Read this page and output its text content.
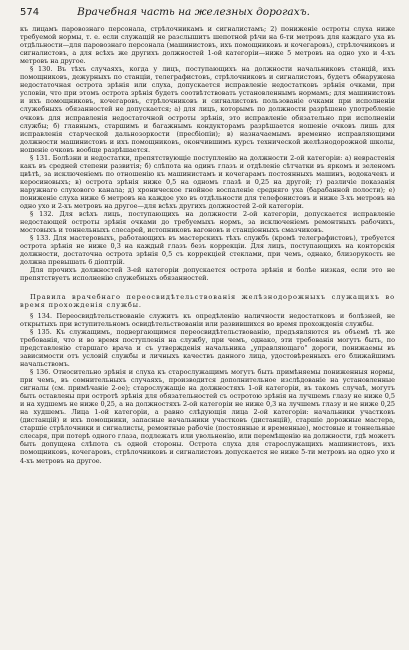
574	Врачебная часть на железных дорогахъ.

къ лицамъ паровознаго персонала, стрѣлочникамъ и сигналистамъ; 2) пониженіе остроты слуха ниже требуемой нормы, т. е. если служащій не разслышитъ шепотной рѣчи на 6-ти метровъ для каждаго уха въ отдѣльности—для паровознаго персонала (машинистовъ, ихъ помощниковъ и кочегаровъ), стрѣлочниковъ и сигналистовъ, а для всѣхъ же другихъ должностей 1-ой категоріи—ниже 5 метровъ на одно ухо и 4-хъ метровъ на другое.

§ 130. Въ тѣхъ случаяхъ, когда у лицъ, поступающихъ на должности начальниковъ станцій, ихъ помощниковъ, дежурныхъ по станціи, телеграфистовъ, стрѣлочниковъ и сигналистовъ, будетъ обнаружена недостаточная острота зрѣнія или слуха, допускается исправленіе недостатковъ зрѣнія очками, при условіи, что при этомъ острота зрѣнія будетъ соотвѣтствовать установленнымъ нормамъ; для машинистовъ и ихъ помощниковъ, кочегаровъ, стрѣлочниковъ и сигналистовъ пользованіе очками при исполненіи служебныхъ обязанностей не допускается; а) для лицъ, которымъ по должности разрѣшено употребленіе очковъ для исправленія недостаточной остроты зрѣнія, это исправленіе обязательно при исполненіи службы; б) главнымъ, старшимъ и багажнымъ кондукторамъ разрѣшается ношеніе очковъ лишь для исправленія старческой дальнозоркости (пресбіопіи); в) назначаемымъ временно исправляющими должности машинистовъ и ихъ помощниковъ, окончившимъ курсъ технической желѣзнодорожной школы, ношеніе очковъ вообще разрѣшается.

§ 131. Болѣзни и недостатки, препятствующіе поступленію на должности 2-ой категоріи: а) неврастенія какъ въ средней степени развитія; б) слѣпота на одинъ глазъ и отдѣленіе сѣтчатки въ яркомъ и зеленомъ цвѣтѣ, за исключеніемъ по отношенію къ машинистамъ и кочегарамъ постоянныхъ машинъ, водокачекъ и керосиновыхъ; в) острота зрѣнія ниже 0,5 на одномъ глазѣ и 0,25 на другой; г) различіе показанія наружнаго слухового канала; д) хроническое гнойное воспаленіе средняго уха (барабанной полости); е) пониженіе слуха ниже 6 метровъ на каждое ухо въ отдѣльности для телефонистовъ и ниже 3-хъ метровъ на одно ухо и 2-хъ метровъ на другое—для всѣхъ другихъ должностей 2-ой категоріи.

§ 132. Для всѣхъ лицъ, поступающихъ на должности 2-ой категоріи, допускается исправленіе недостающей остроты зрѣнія очками до требуемыхъ нормъ, за исключеніемъ ремонтныхъ рабочихъ, мостовыхъ и тоннельныхъ слесарей, истопниковъ вагоновъ и станціонныхъ смазчиковъ.

§ 133. Для мастеровыхъ, работающихъ въ мастерскихъ тѣхъ службъ (кромѣ телеграфистовъ), требуется острота зрѣнія не ниже 0,3 на каждый глазъ безъ коррекціи. Для лицъ, поступающихъ на конторскія должности, достаточна острота зрѣнія 0,5 съ коррекціей стеклами, при чемъ, однако, близорукость не должна превышать 6 діоптрій.

Для прочихъ должностей 3-ей категоріи допускается острота зрѣнія и болѣе низкая, если это не препятствуетъ исполненію служебныхъ обязанностей.

Правила врачебнаго переосвидѣтельствованія желѣзнодорожныхъ служащихъ во время прохожденія службы.

§ 134. Переосвидѣтельствованіе служитъ къ опредѣленію наличности недостатковъ и болѣзней, не открытыхъ при вступительномъ освидѣтельствованіи или развившихся во время прохожденія службы.

§ 135. Къ служащимъ, подвергающимся переосвидѣтельствованію, предъявляются въ объемѣ тѣ же требованія, что и во время поступленія на службу, при чемъ, однако, эти требованія могутъ быть, по представленію старшаго врача и съ утвержденія начальника „управляющаго" дороги, понижаемы въ зависимости отъ условій службы и личныхъ качествъ данного лица, удостовѣренныхъ его ближайшимъ начальствомъ.

§ 136. Относительно зрѣнія и слуха къ старослужащимъ могутъ быть примѣняемы пониженныя нормы, при чемъ, въ сомнительныхъ случаяхъ, производится дополнительное изслѣдованіе на установленные сигналы (см. примѣчаніе 2-ое); старослужащіе на должностяхъ 1-ой категоріи, въ такомъ случаѣ, могутъ быть оставлены при остротѣ зрѣнія для обязательностей съ остротою зрѣнія на лучшемъ глазу не ниже 0,5 и на худшемъ не ниже 0,25, а на должностяхъ 2-ой категоріи не ниже 0,3 на лучшемъ глазу и не ниже 0,25 на худшемъ. Лица 1-ой категоріи, а равно слѣдующія лица 2-ой категоріи: начальники участковъ (дистанцій) и ихъ помощники, запасные начальники участковъ (дистанцій), старшіе дорожные мастера, старшіе стрѣлочники и сигналисты, ремонтные рабочіе (постоянные и временные), мостовые и тоннельные слесаря, при потерѣ одного глаза, подлежатъ или увольненію, или перемѣщенію на должности, гдѣ можетъ быть допущена слѣпота съ одной стороны. Острота слуха для старослужащихъ машинистовъ, ихъ помощниковъ, кочегаровъ, стрѣлочниковъ и сигналистовъ допускается не ниже 5-ти метровъ на одно ухо и 4-хъ метровъ на другое.
